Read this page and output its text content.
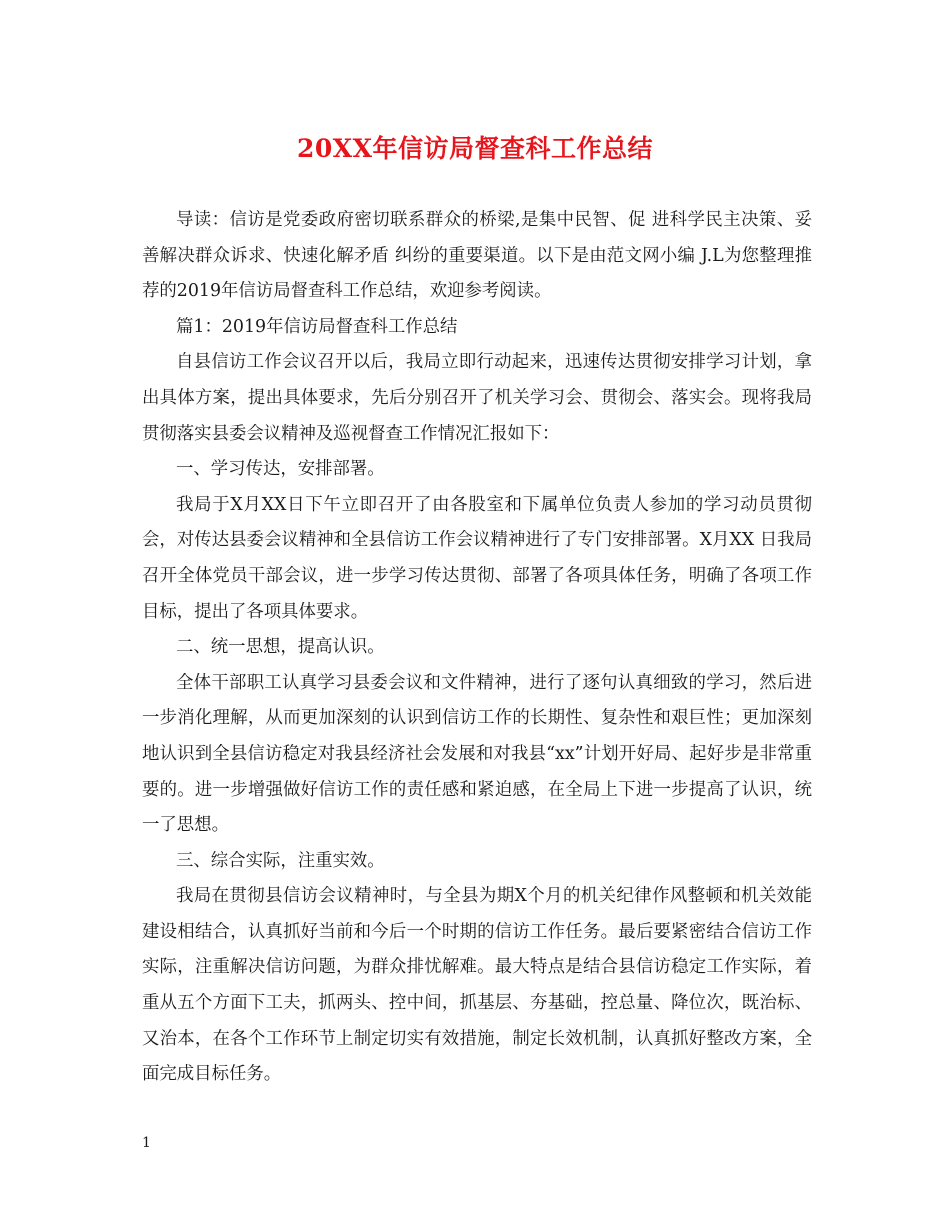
20XX年信访局督查科工作总结

导读：信访是党委政府密切联系群众的桥梁,是集中民智、促 进科学民主决策、妥善解决群众诉求、快速化解矛盾 纠纷的重要渠道。以下是由范文网小编 J.L为您整理推荐的2019年信访局督查科工作总结，欢迎参考阅读。

篇1：2019年信访局督查科工作总结

自县信访工作会议召开以后，我局立即行动起来，迅速传达贯彻安排学习计划，拿出具体方案，提出具体要求，先后分别召开了机关学习会、贯彻会、落实会。现将我局贯彻落实县委会议精神及巡视督查工作情况汇报如下：

一、学习传达，安排部署。

我局于X月XX日下午立即召开了由各股室和下属单位负责人参加的学习动员贯彻会，对传达县委会议精神和全县信访工作会议精神进行了专门安排部署。X月XX 日我局召开全体党员干部会议，进一步学习传达贯彻、部署了各项具体任务，明确了各项工作目标，提出了各项具体要求。

二、统一思想，提高认识。

全体干部职工认真学习县委会议和文件精神，进行了逐句认真细致的学习，然后进一步消化理解，从而更加深刻的认识到信访工作的长期性、复杂性和艰巨性；更加深刻地认识到全县信访稳定对我县经济社会发展和对我县“xx”计划开好局、起好步是非常重要的。进一步增强做好信访工作的责任感和紧迫感，在全局上下进一步提高了认识，统一了思想。

三、综合实际，注重实效。

我局在贯彻县信访会议精神时，与全县为期X个月的机关纪律作风整顿和机关效能建设相结合，认真抓好当前和今后一个时期的信访工作任务。最后要紧密结合信访工作实际，注重解决信访问题，为群众排忧解难。最大特点是结合县信访稳定工作实际，着重从五个方面下工夫，抓两头、控中间，抓基层、夯基础，控总量、降位次，既治标、又治本，在各个工作环节上制定切实有效措施，制定长效机制，认真抓好整改方案，全面完成目标任务。

1
